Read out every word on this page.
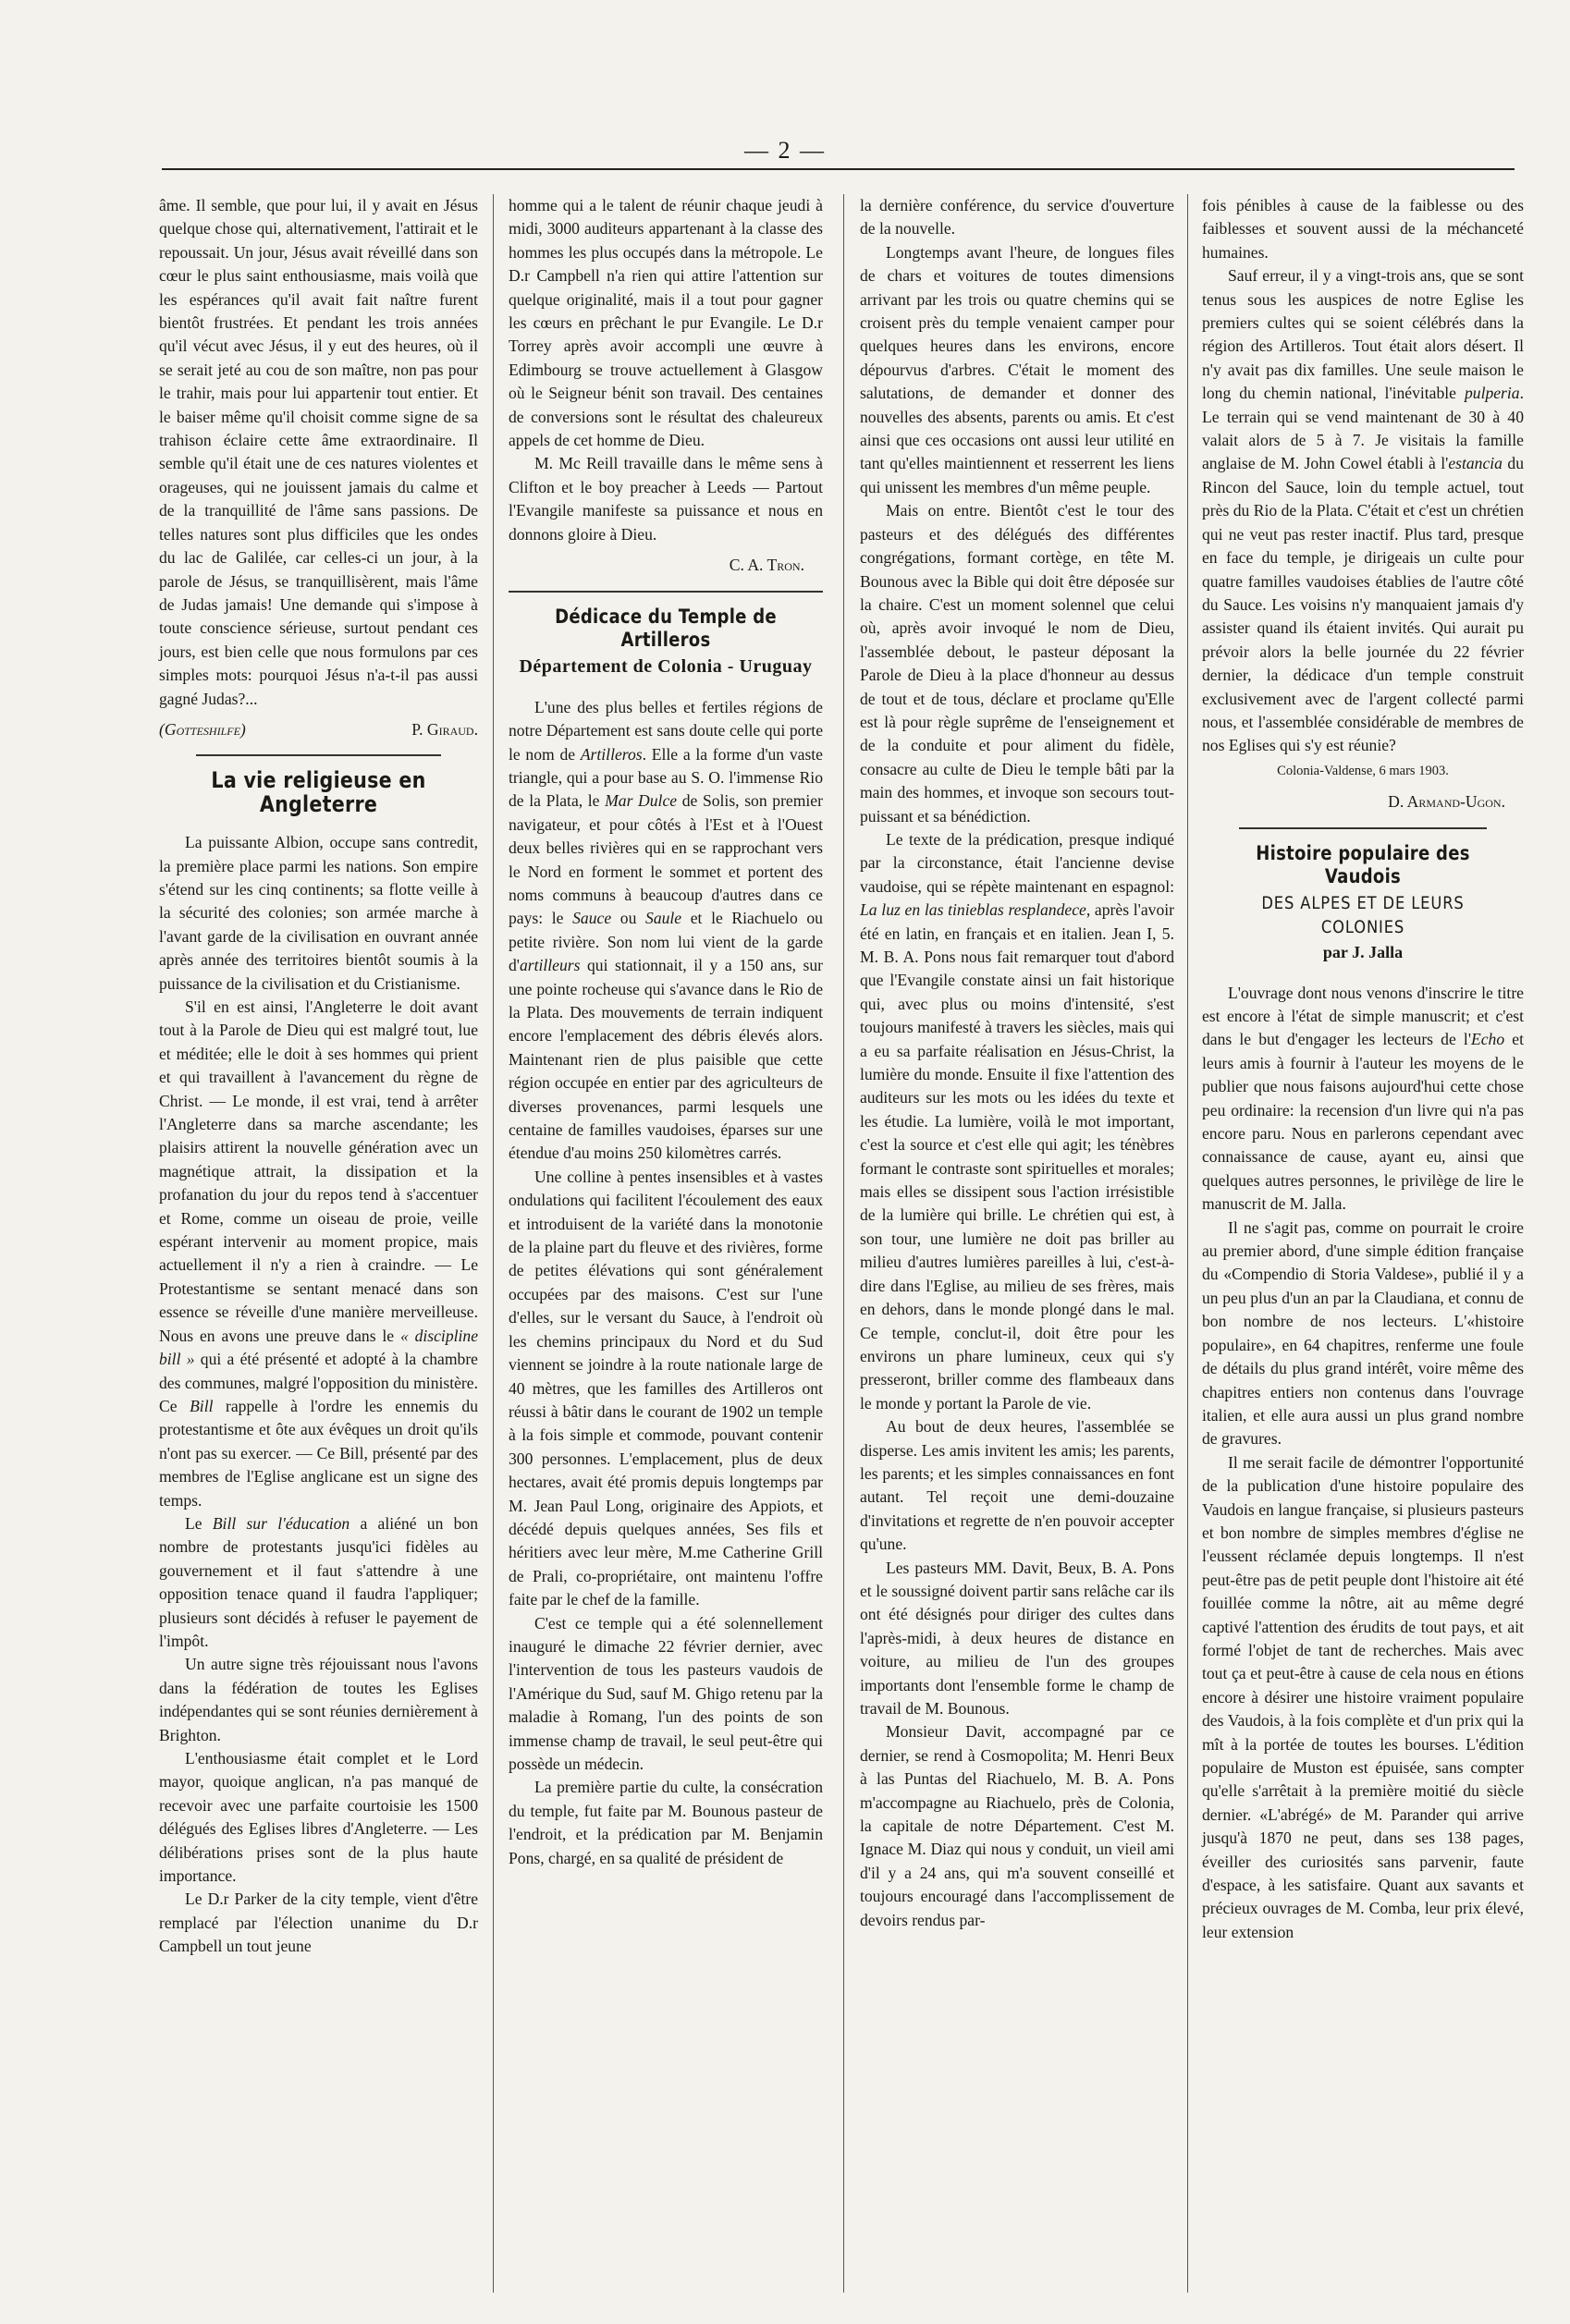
— 2 —

âme. Il semble, que pour lui, il y avait en Jésus quelque chose qui, alternativement, l'attirait et le repoussait. Un jour, Jésus avait réveillé dans son cœur le plus saint enthousiasme, mais voilà que les espérances qu'il avait fait naître furent bientôt frustrées. Et pendant les trois années qu'il vécut avec Jésus, il y eut des heures, où il se serait jeté au cou de son maître, non pas pour le trahir, mais pour lui appartenir tout entier. Et le baiser même qu'il choisit comme signe de sa trahison éclaire cette âme extraordinaire. Il semble qu'il était une de ces natures violentes et orageuses, qui ne jouissent jamais du calme et de la tranquillité de l'âme sans passions. De telles natures sont plus difficiles que les ondes du lac de Galilée, car celles-ci un jour, à la parole de Jésus, se tranquillisèrent, mais l'âme de Judas jamais! Une demande qui s'impose à toute conscience sérieuse, surtout pendant ces jours, est bien celle que nous formulons par ces simples mots: pourquoi Jésus n'a-t-il pas aussi gagné Judas?...

(Gotteshilfe)	P. Giraud.
La vie religieuse en Angleterre

La puissante Albion, occupe sans contredit, la première place parmi les nations. Son empire s'étend sur les cinq continents; sa flotte veille à la sécurité des colonies; son armée marche à l'avant garde de la civilisation en ouvrant année après année des territoires bientôt soumis à la puissance de la civilisation et du Cristianisme.

S'il en est ainsi, l'Angleterre le doit avant tout à la Parole de Dieu qui est malgré tout, lue et méditée; elle le doit à ses hommes qui prient et qui travaillent à l'avancement du règne de Christ. — Le monde, il est vrai, tend à arrêter l'Angleterre dans sa marche ascendante; les plaisirs attirent la nouvelle génération avec un magnétique attrait, la dissipation et la profanation du jour du repos tend à s'accentuer et Rome, comme un oiseau de proie, veille espérant intervenir au moment propice, mais actuellement il n'y a rien à craindre. — Le Protestantisme se sentant menacé dans son essence se réveille d'une manière merveilleuse. Nous en avons une preuve dans le « discipline bill » qui a été présenté et adopté à la chambre des communes, malgré l'opposition du ministère. Ce Bill rappelle à l'ordre les ennemis du protestantisme et ôte aux évêques un droit qu'ils n'ont pas su exercer. — Ce Bill, présenté par des membres de l'Eglise anglicane est un signe des temps.

Le Bill sur l'éducation a aliéné un bon nombre de protestants jusqu'ici fidèles au gouvernement et il faut s'attendre à une opposition tenace quand il faudra l'appliquer; plusieurs sont décidés à refuser le payement de l'impôt.

Un autre signe très réjouissant nous l'avons dans la fédération de toutes les Eglises indépendantes qui se sont réunies dernièrement à Brighton.

L'enthousiasme était complet et le Lord mayor, quoique anglican, n'a pas manqué de recevoir avec une parfaite courtoisie les 1500 délégués des Eglises libres d'Angleterre. — Les délibérations prises sont de la plus haute importance.

Le D.r Parker de la city temple, vient d'être remplacé par l'élection unanime du D.r Campbell un tout jeune

homme qui a le talent de réunir chaque jeudi à midi, 3000 auditeurs appartenant à la classe des hommes les plus occupés dans la métropole. Le D.r Campbell n'a rien qui attire l'attention sur quelque originalité, mais il a tout pour gagner les cœurs en prêchant le pur Evangile. Le D.r Torrey après avoir accompli une œuvre à Edimbourg se trouve actuellement à Glasgow où le Seigneur bénit son travail. Des centaines de conversions sont le résultat des chaleureux appels de cet homme de Dieu.

M. Mc Reill travaille dans le même sens à Clifton et le boy preacher à Leeds — Partout l'Evangile manifeste sa puissance et nous en donnons gloire à Dieu.

C. A. Tron.
Dédicace du Temple de Artilleros
Département de Colonia - Uruguay

L'une des plus belles et fertiles régions de notre Département est sans doute celle qui porte le nom de Artilleros. Elle a la forme d'un vaste triangle, qui a pour base au S. O. l'immense Rio de la Plata, le Mar Dulce de Solis, son premier navigateur, et pour côtés à l'Est et à l'Ouest deux belles rivières qui en se rapprochant vers le Nord en forment le sommet et portent des noms communs à beaucoup d'autres dans ce pays: le Sauce ou Saule et le Riachuelo ou petite rivière. Son nom lui vient de la garde d'artilleurs qui stationnait, il y a 150 ans, sur une pointe rocheuse qui s'avance dans le Rio de la Plata. Des mouvements de terrain indiquent encore l'emplacement des débris élevés alors. Maintenant rien de plus paisible que cette région occupée en entier par des agriculteurs de diverses provenances, parmi lesquels une centaine de familles vaudoises, éparses sur une étendue d'au moins 250 kilomètres carrés.

Une colline à pentes insensibles et à vastes ondulations qui facilitent l'écoulement des eaux et introduisent de la variété dans la monotonie de la plaine part du fleuve et des rivières, forme de petites élévations qui sont généralement occupées par des maisons. C'est sur l'une d'elles, sur le versant du Sauce, à l'endroit où les chemins principaux du Nord et du Sud viennent se joindre à la route nationale large de 40 mètres, que les familles des Artilleros ont réussi à bâtir dans le courant de 1902 un temple à la fois simple et commode, pouvant contenir 300 personnes. L'emplacement, plus de deux hectares, avait été promis depuis longtemps par M. Jean Paul Long, originaire des Appiots, et décédé depuis quelques années, Ses fils et héritiers avec leur mère, M.me Catherine Grill de Prali, co-propriétaire, ont maintenu l'offre faite par le chef de la famille.

C'est ce temple qui a été solennellement inauguré le dimache 22 février dernier, avec l'intervention de tous les pasteurs vaudois de l'Amérique du Sud, sauf M. Ghigo retenu par la maladie à Romang, l'un des points de son immense champ de travail, le seul peut-être qui possède un médecin.

La première partie du culte, la consécration du temple, fut faite par M. Bounous pasteur de l'endroit, et la prédication par M. Benjamin Pons, chargé, en sa qualité de président de

la dernière conférence, du service d'ouverture de la nouvelle.

Longtemps avant l'heure, de longues files de chars et voitures de toutes dimensions arrivant par les trois ou quatre chemins qui se croisent près du temple venaient camper pour quelques heures dans les environs, encore dépourvus d'arbres. C'était le moment des salutations, de demander et donner des nouvelles des absents, parents ou amis. Et c'est ainsi que ces occasions ont aussi leur utilité en tant qu'elles maintiennent et resserrent les liens qui unissent les membres d'un même peuple.

Mais on entre. Bientôt c'est le tour des pasteurs et des délégués des différentes congrégations, formant cortège, en tête M. Bounous avec la Bible qui doit être déposée sur la chaire. C'est un moment solennel que celui où, après avoir invoqué le nom de Dieu, l'assemblée debout, le pasteur déposant la Parole de Dieu à la place d'honneur au dessus de tout et de tous, déclare et proclame qu'Elle est là pour règle suprême de l'enseignement et de la conduite et pour aliment du fidèle, consacre au culte de Dieu le temple bâti par la main des hommes, et invoque son secours tout-puissant et sa bénédiction.

Le texte de la prédication, presque indiqué par la circonstance, était l'ancienne devise vaudoise, qui se répète maintenant en espagnol: La luz en las tinieblas resplandece, après l'avoir été en latin, en français et en italien. Jean I, 5. M. B. A. Pons nous fait remarquer tout d'abord que l'Evangile constate ainsi un fait historique qui, avec plus ou moins d'intensité, s'est toujours manifesté à travers les siècles, mais qui a eu sa parfaite réalisation en Jésus-Christ, la lumière du monde. Ensuite il fixe l'attention des auditeurs sur les mots ou les idées du texte et les étudie. La lumière, voilà le mot important, c'est la source et c'est elle qui agit; les ténèbres formant le contraste sont spirituelles et morales; mais elles se dissipent sous l'action irrésistible de la lumière qui brille. Le chrétien qui est, à son tour, une lumière ne doit pas briller au milieu d'autres lumières pareilles à lui, c'est-à-dire dans l'Eglise, au milieu de ses frères, mais en dehors, dans le monde plongé dans le mal. Ce temple, conclut-il, doit être pour les environs un phare lumineux, ceux qui s'y presseront, briller comme des flambeaux dans le monde y portant la Parole de vie.

Au bout de deux heures, l'assemblée se disperse. Les amis invitent les amis; les parents, les parents; et les simples connaissances en font autant. Tel reçoit une demi-douzaine d'invitations et regrette de n'en pouvoir accepter qu'une.

Les pasteurs MM. Davit, Beux, B. A. Pons et le soussigné doivent partir sans relâche car ils ont été désignés pour diriger des cultes dans l'après-midi, à deux heures de distance en voiture, au milieu de l'un des groupes importants dont l'ensemble forme le champ de travail de M. Bounous.

Monsieur Davit, accompagné par ce dernier, se rend à Cosmopolita; M. Henri Beux à las Puntas del Riachuelo, M. B. A. Pons m'accompagne au Riachuelo, près de Colonia, la capitale de notre Département. C'est M. Ignace M. Diaz qui nous y conduit, un vieil ami d'il y a 24 ans, qui m'a souvent conseillé et toujours encouragé dans l'accomplissement de devoirs rendus par-

fois pénibles à cause de la faiblesse ou des faiblesses et souvent aussi de la méchanceté humaines.

Sauf erreur, il y a vingt-trois ans, que se sont tenus sous les auspices de notre Eglise les premiers cultes qui se soient célébrés dans la région des Artilleros. Tout était alors désert. Il n'y avait pas dix familles. Une seule maison le long du chemin national, l'inévitable pulperia. Le terrain qui se vend maintenant de 30 à 40 valait alors de 5 à 7. Je visitais la famille anglaise de M. John Cowel établi à l'estancia du Rincon del Sauce, loin du temple actuel, tout près du Rio de la Plata. C'était et c'est un chrétien qui ne veut pas rester inactif. Plus tard, presque en face du temple, je dirigeais un culte pour quatre familles vaudoises établies de l'autre côté du Sauce. Les voisins n'y manquaient jamais d'y assister quand ils étaient invités. Qui aurait pu prévoir alors la belle journée du 22 février dernier, la dédicace d'un temple construit exclusivement avec de l'argent collecté parmi nous, et l'assemblée considérable de membres de nos Eglises qui s'y est réunie?

Colonia-Valdense, 6 mars 1903.
D. Armand-Ugon.
Histoire populaire des Vaudois
DES ALPES ET DE LEURS COLONIES
par J. Jalla

L'ouvrage dont nous venons d'inscrire le titre est encore à l'état de simple manuscrit; et c'est dans le but d'engager les lecteurs de l'Echo et leurs amis à fournir à l'auteur les moyens de le publier que nous faisons aujourd'hui cette chose peu ordinaire: la recension d'un livre qui n'a pas encore paru. Nous en parlerons cependant avec connaissance de cause, ayant eu, ainsi que quelques autres personnes, le privilège de lire le manuscrit de M. Jalla.

Il ne s'agit pas, comme on pourrait le croire au premier abord, d'une simple édition française du «Compendio di Storia Valdese», publié il y a un peu plus d'un an par la Claudiana, et connu de bon nombre de nos lecteurs. L'«histoire populaire», en 64 chapitres, renferme une foule de détails du plus grand intérêt, voire même des chapitres entiers non contenus dans l'ouvrage italien, et elle aura aussi un plus grand nombre de gravures.

Il me serait facile de démontrer l'opportunité de la publication d'une histoire populaire des Vaudois en langue française, si plusieurs pasteurs et bon nombre de simples membres d'église ne l'eussent réclamée depuis longtemps. Il n'est peut-être pas de petit peuple dont l'histoire ait été fouillée comme la nôtre, ait au même degré captivé l'attention des érudits de tout pays, et ait formé l'objet de tant de recherches. Mais avec tout ça et peut-être à cause de cela nous en étions encore à désirer une histoire vraiment populaire des Vaudois, à la fois complète et d'un prix qui la mît à la portée de toutes les bourses. L'édition populaire de Muston est épuisée, sans compter qu'elle s'arrêtait à la première moitié du siècle dernier. «L'abrégé» de M. Parander qui arrive jusqu'à 1870 ne peut, dans ses 138 pages, éveiller des curiosités sans parvenir, faute d'espace, à les satisfaire. Quant aux savants et précieux ouvrages de M. Comba, leur prix élevé, leur extension
